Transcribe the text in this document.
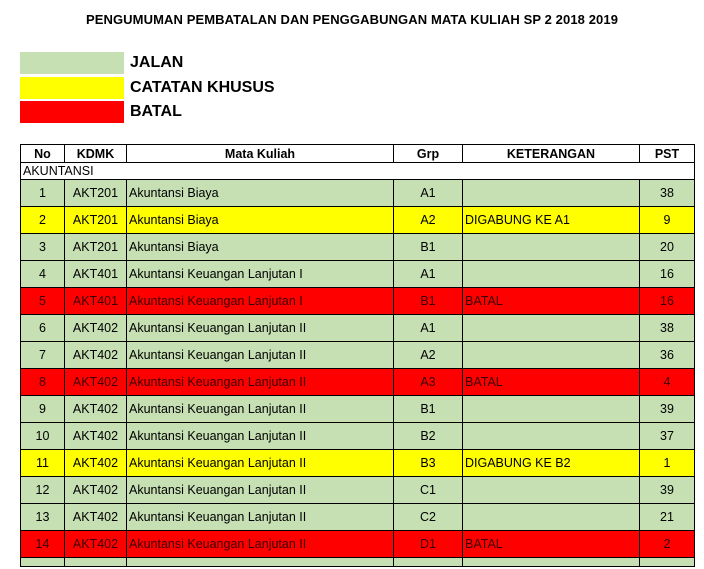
PENGUMUMAN PEMBATALAN DAN PENGGABUNGAN MATA KULIAH SP 2 2018 2019
JALAN
CATATAN KHUSUS
BATAL
No	KDMK	Mata Kuliah	Grp	KETERANGAN	PST
AKUNTANSI					
1	AKT201	Akuntansi Biaya	A1		38
2	AKT201	Akuntansi Biaya	A2	DIGABUNG KE A1	9
3	AKT201	Akuntansi Biaya	B1		20
4	AKT401	Akuntansi Keuangan Lanjutan I	A1		16
5	AKT401	Akuntansi Keuangan Lanjutan I	B1	BATAL	16
6	AKT402	Akuntansi Keuangan Lanjutan II	A1		38
7	AKT402	Akuntansi Keuangan Lanjutan II	A2		36
8	AKT402	Akuntansi Keuangan Lanjutan II	A3	BATAL	4
9	AKT402	Akuntansi Keuangan Lanjutan II	B1		39
10	AKT402	Akuntansi Keuangan Lanjutan II	B2		37
11	AKT402	Akuntansi Keuangan Lanjutan II	B3	DIGABUNG KE B2	1
12	AKT402	Akuntansi Keuangan Lanjutan II	C1		39
13	AKT402	Akuntansi Keuangan Lanjutan II	C2		21
14	AKT402	Akuntansi Keuangan Lanjutan II	D1	BATAL	2
